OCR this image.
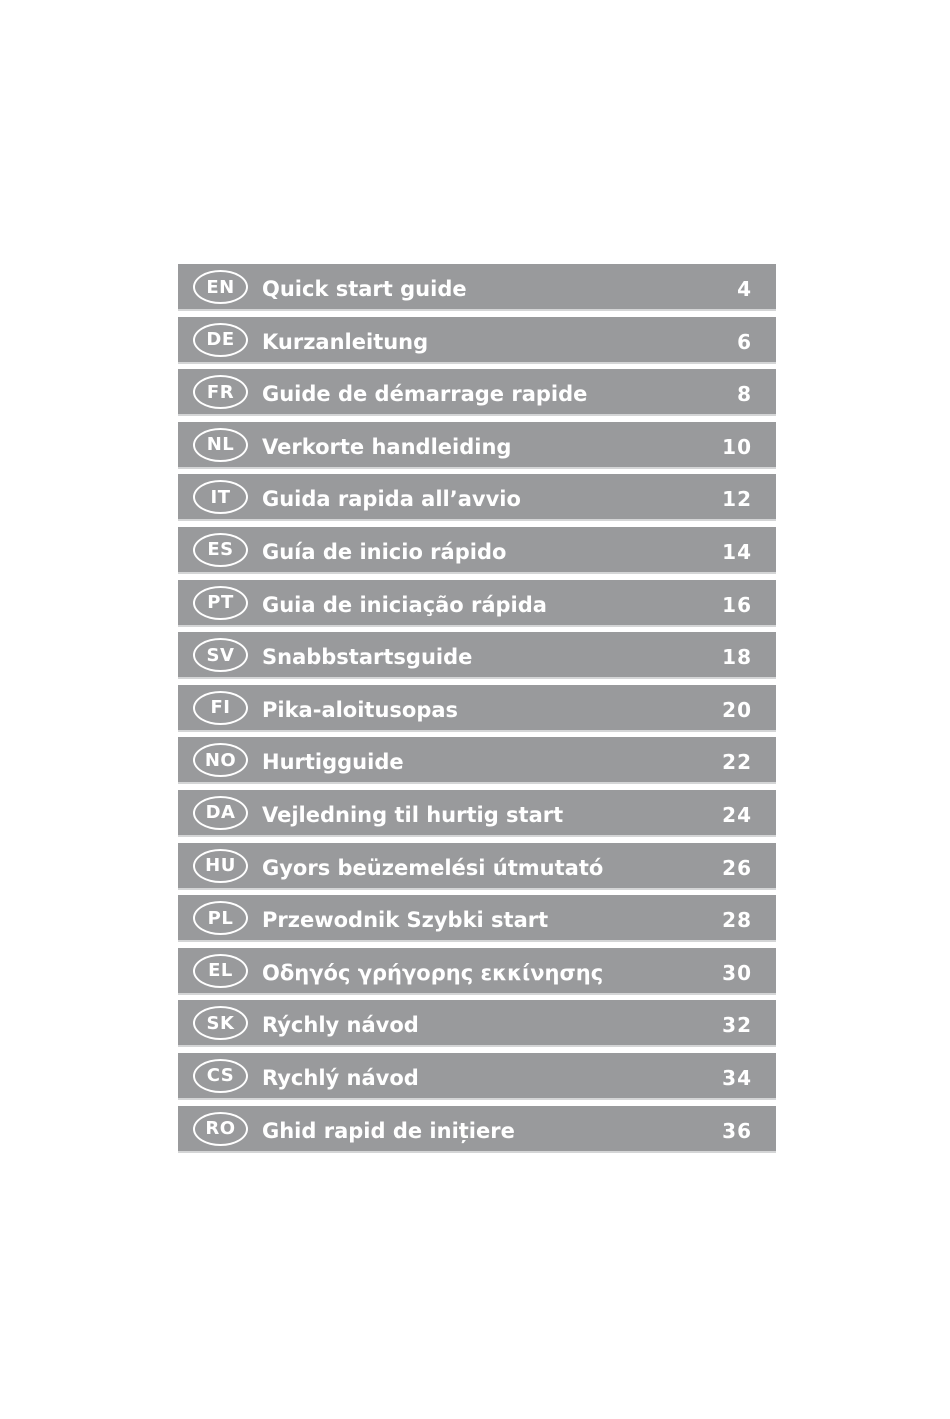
EN	Quick start guide	4
DE	Kurzanleitung	6
FR	Guide de démarrage rapide	8
NL	Verkorte handleiding	10
IT	Guida rapida all’avvio	12
ES	Guía de inicio rápido	14
PT	Guia de iniciação rápida	16
SV	Snabbstartsguide	18
FI	Pika-aloitusopas	20
NO	Hurtigguide	22
DA	Vejledning til hurtig start	24
HU	Gyors beüzemelési útmutató	26
PL	Przewodnik Szybki start	28
EL	Οδηγός γρήγορης εκκίνησης	30
SK	Rýchly návod	32
CS	Rychlý návod	34
RO	Ghid rapid de inițiere	36
